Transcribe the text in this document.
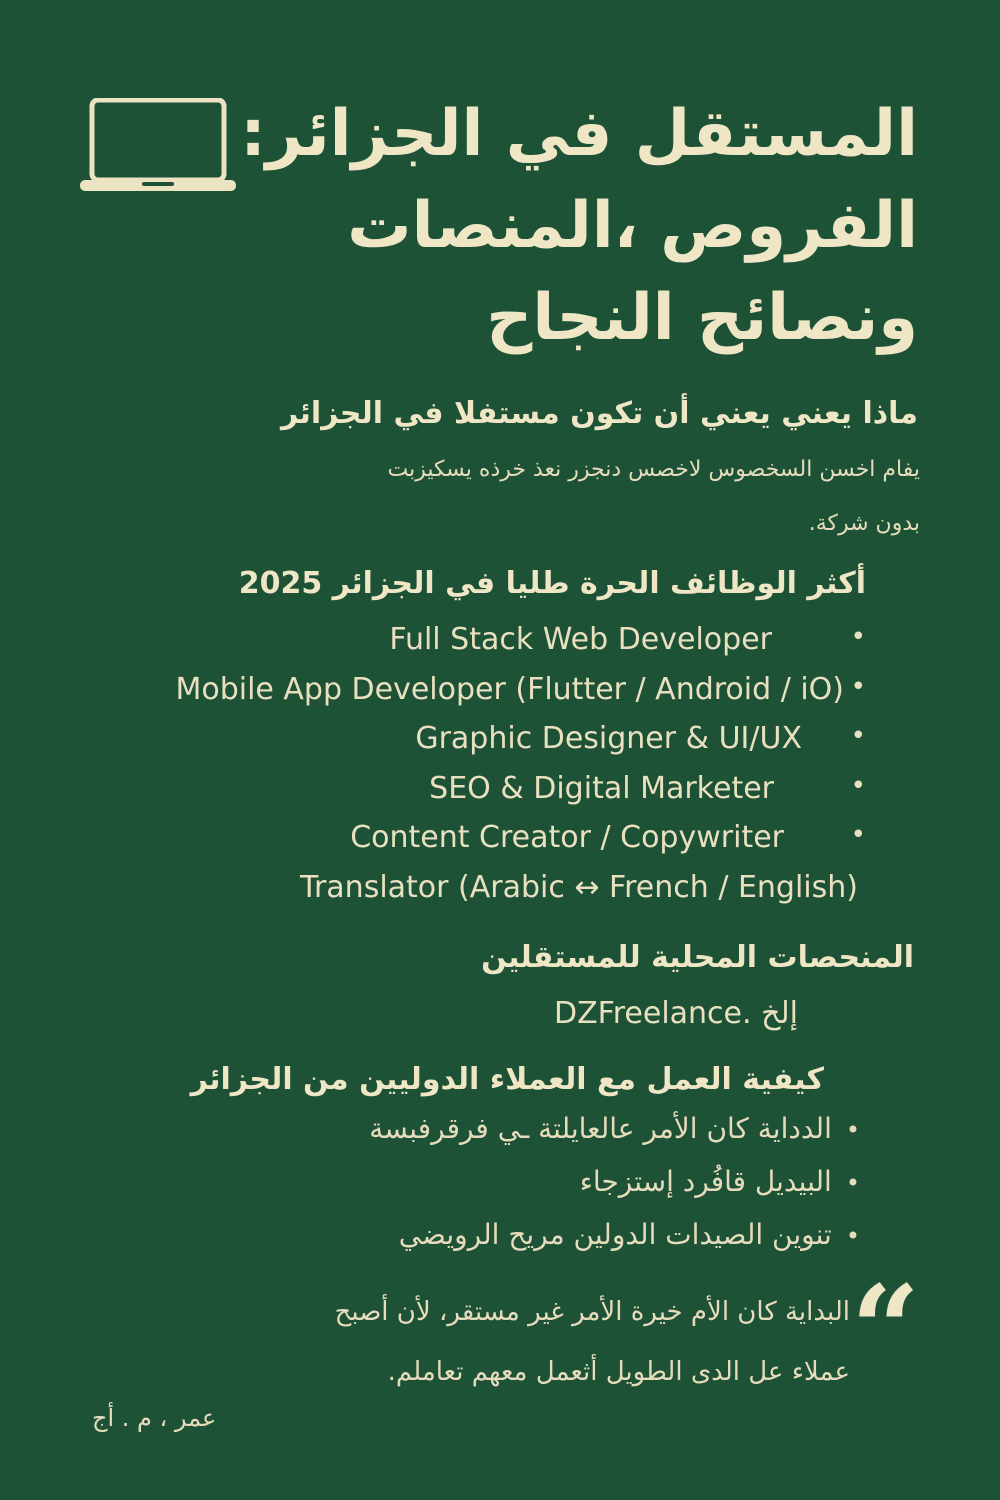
المستقل في الجزائر:
الفروص ،المنصات
ونصائح النجاح
ماذا يعني يعني أن تكون مستفلا في الجزائر
يفام اخسن السخصوس لاخصس دنجزر نعذ خرذه يسكيزبت
بدون شركة.
أكثر الوظائف الحرة طليا في الجزائر 2025
Full Stack Web Developer	•
Mobile App Developer (Flutter / Android / iO) •
Graphic Designer & UI/UX •
SEO & Digital Marketer	•
Content Creator / Copywriter	•
Translator (Arabic ↔ French / English)
المنحصات المحلية للمستقلين
DZFreelance. إلخ
كيفية العمل مع العملاء الدوليين من الجزائر
•الدداية كان الأمر عالعايلتة ـي فرقرفبسة
•البيديل قافُرد إستزجاء
•تنوين الصيدات الدولين مريح الرويضي
“
البداية كان الأم خيرة الأمر غير مستقر، لأن أصبح
عملاء عل الدى الطويل أثعمل معهم تعاملم.
عمر ، م . أج
